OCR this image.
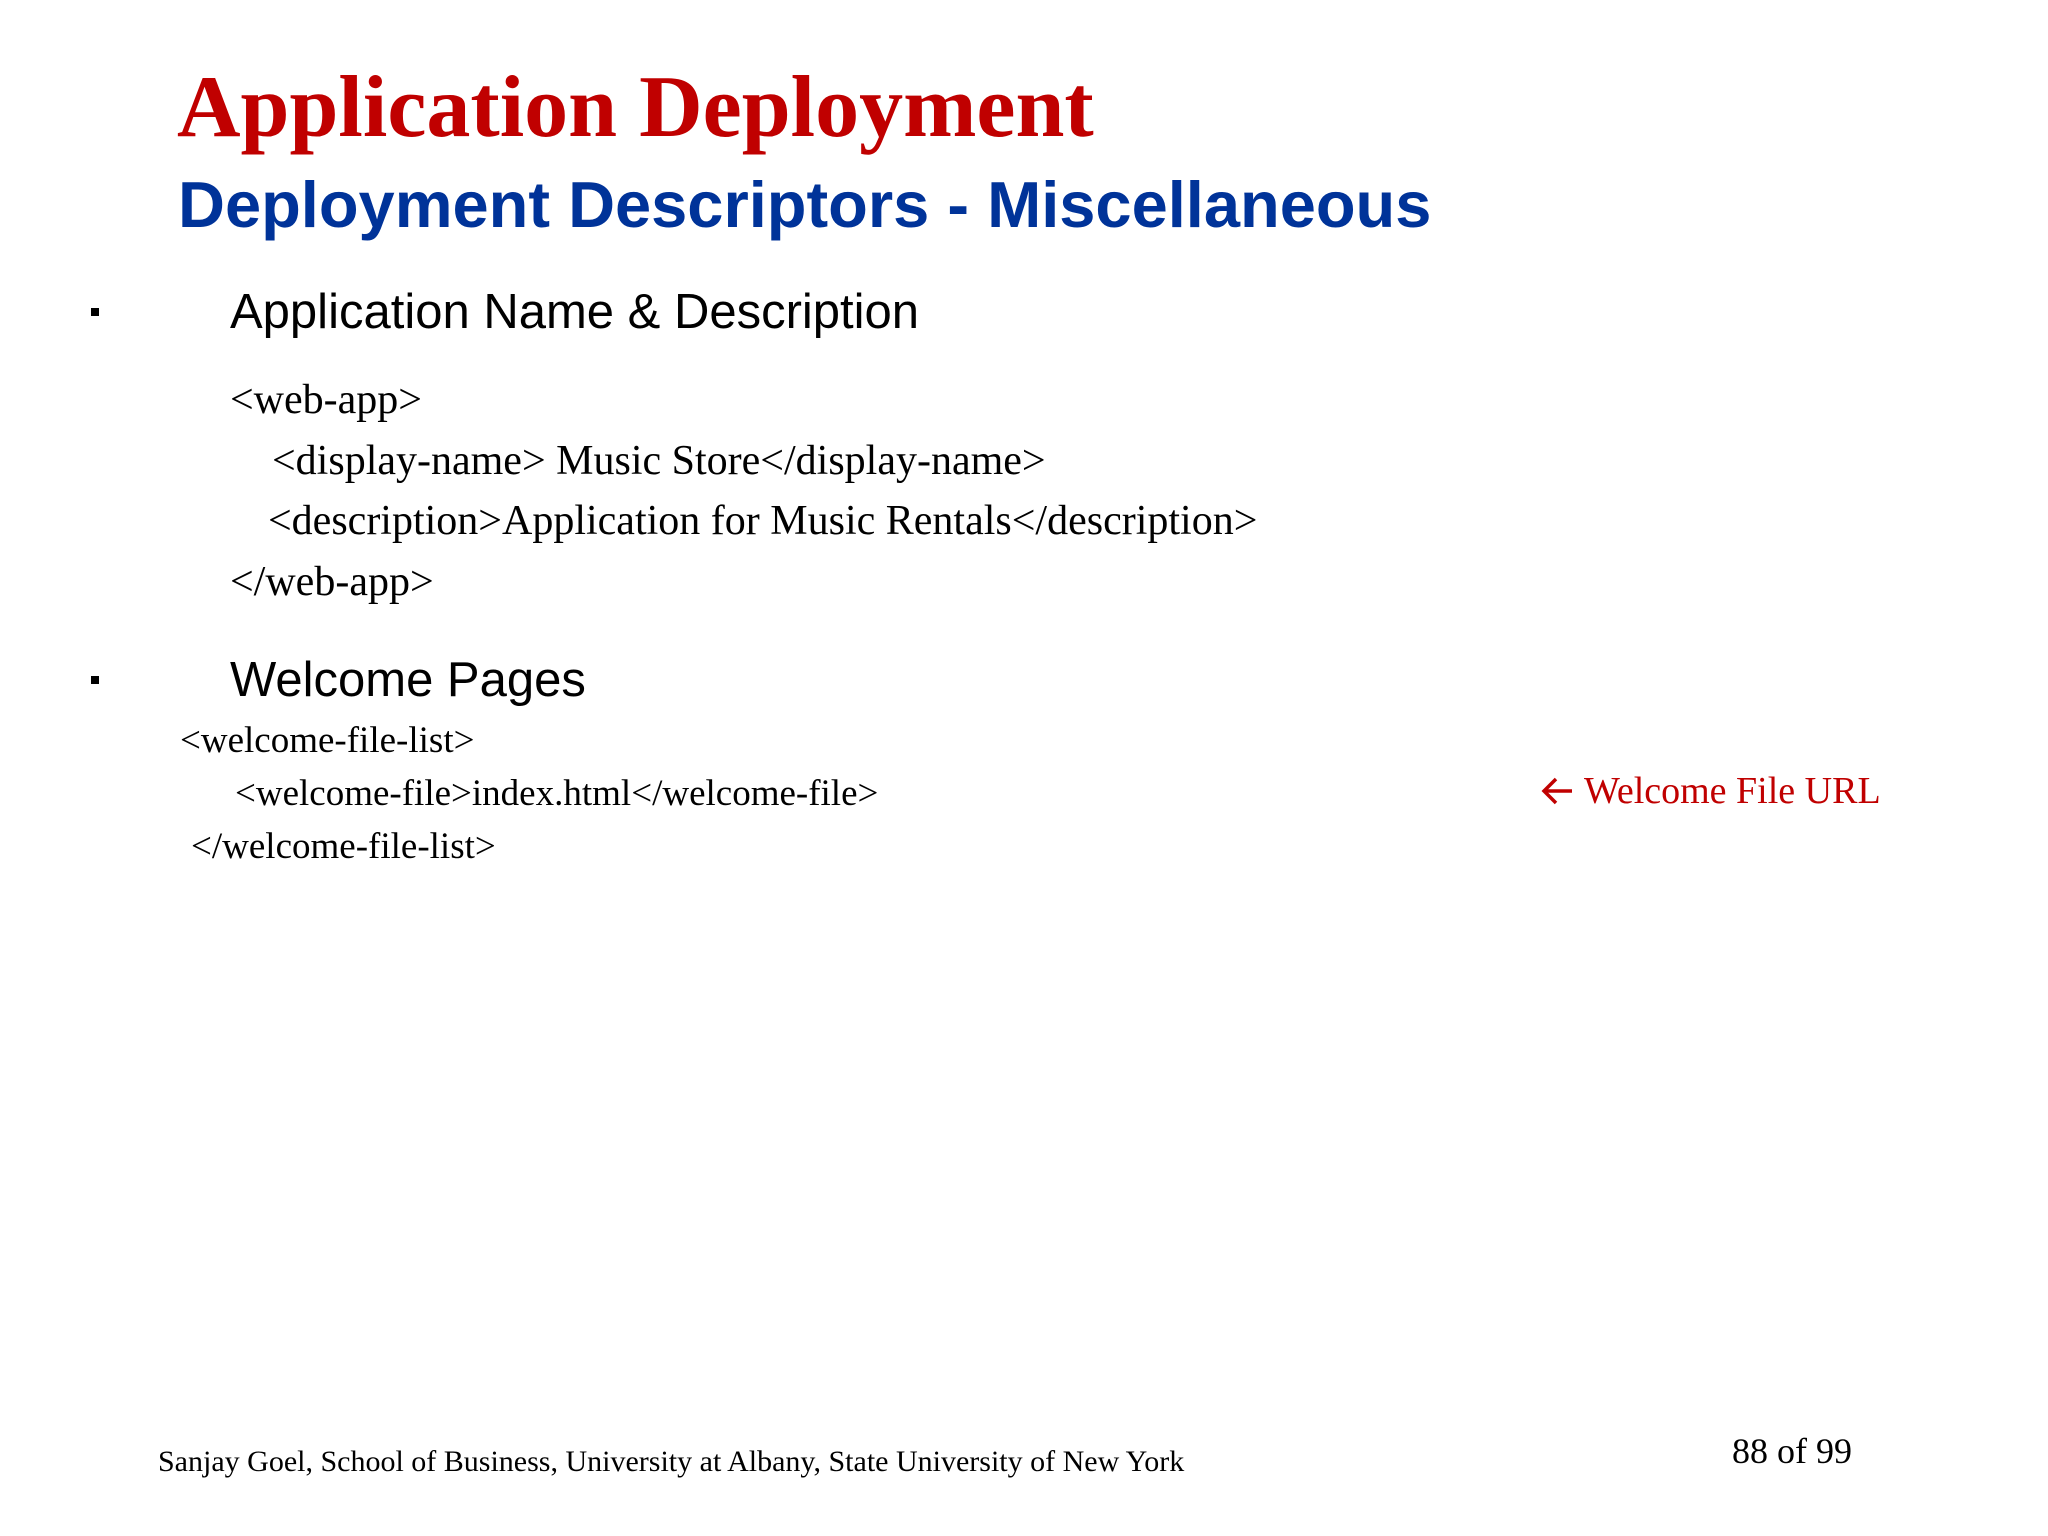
Application Deployment
Deployment Descriptors - Miscellaneous
Application Name & Description
<web-app>
<display-name> Music Store</display-name>
<description>Application for Music Rentals</description>
</web-app>
Welcome Pages
<welcome-file-list>
<welcome-file>index.html</welcome-file>
</welcome-file-list>
Welcome File URL
Sanjay Goel, School of Business, University at Albany, State University of New York	88 of 99
